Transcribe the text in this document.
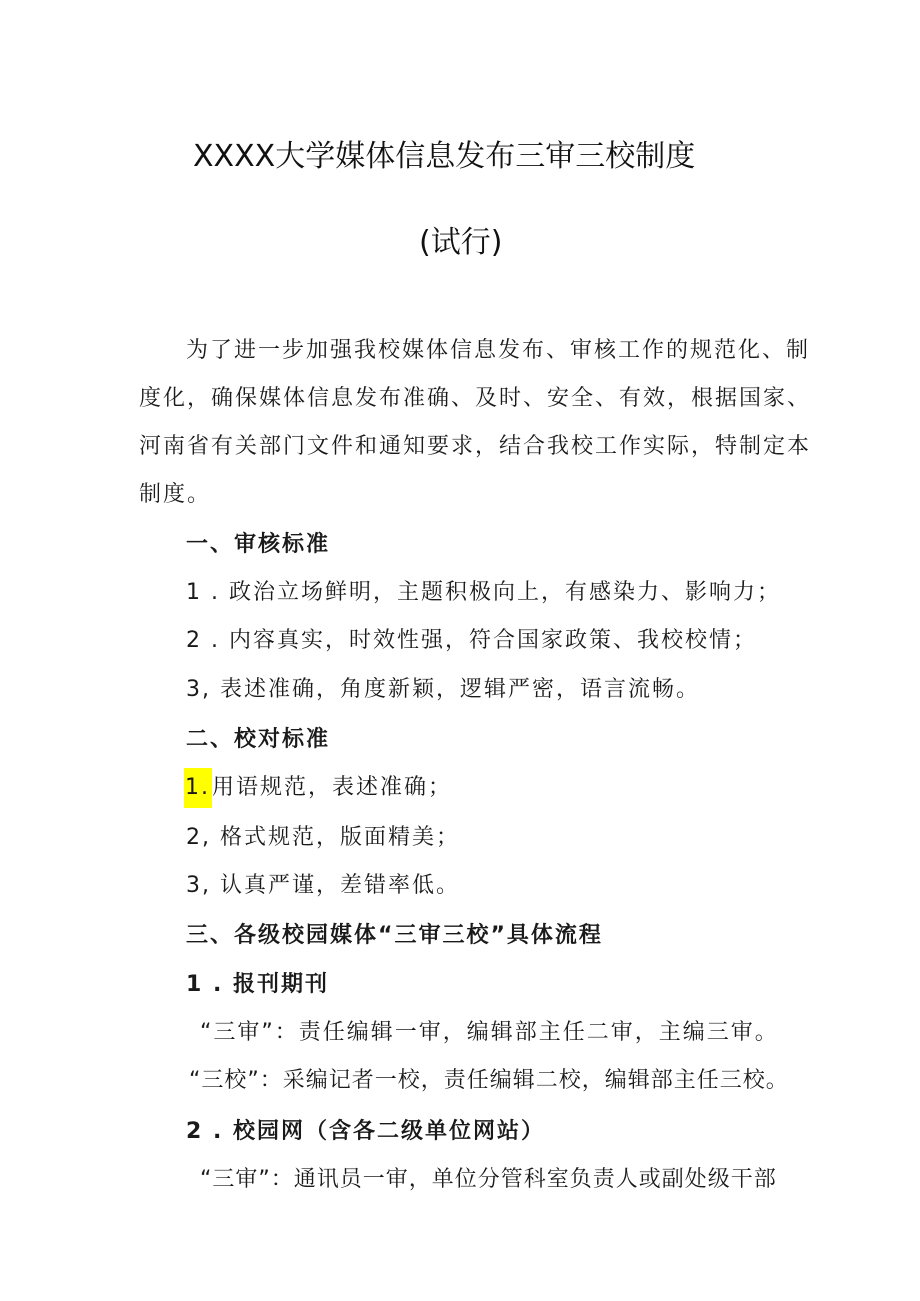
XXXX大学媒体信息发布三审三校制度
(试行)
为了进一步加强我校媒体信息发布、审核工作的规范化、制
度化，确保媒体信息发布准确、及时、安全、有效，根据国家、
河南省有关部门文件和通知要求，结合我校工作实际，特制定本
制度。
一、审核标准
1 . 政治立场鲜明，主题积极向上，有感染力、影响力；
2 . 内容真实，时效性强，符合国家政策、我校校情；
3, 表述准确，角度新颖，逻辑严密，语言流畅。
二、校对标准
1.用语规范，表述准确；
2, 格式规范，版面精美；
3, 认真严谨，差错率低。
三、各级校园媒体“三审三校”具体流程
1 . 报刊期刊
“三审”：责任编辑一审，编辑部主任二审，主编三审。
“三校”：采编记者一校，责任编辑二校，编辑部主任三校。
2 . 校园网（含各二级单位网站）
“三审”：通讯员一审，单位分管科室负责人或副处级干部
